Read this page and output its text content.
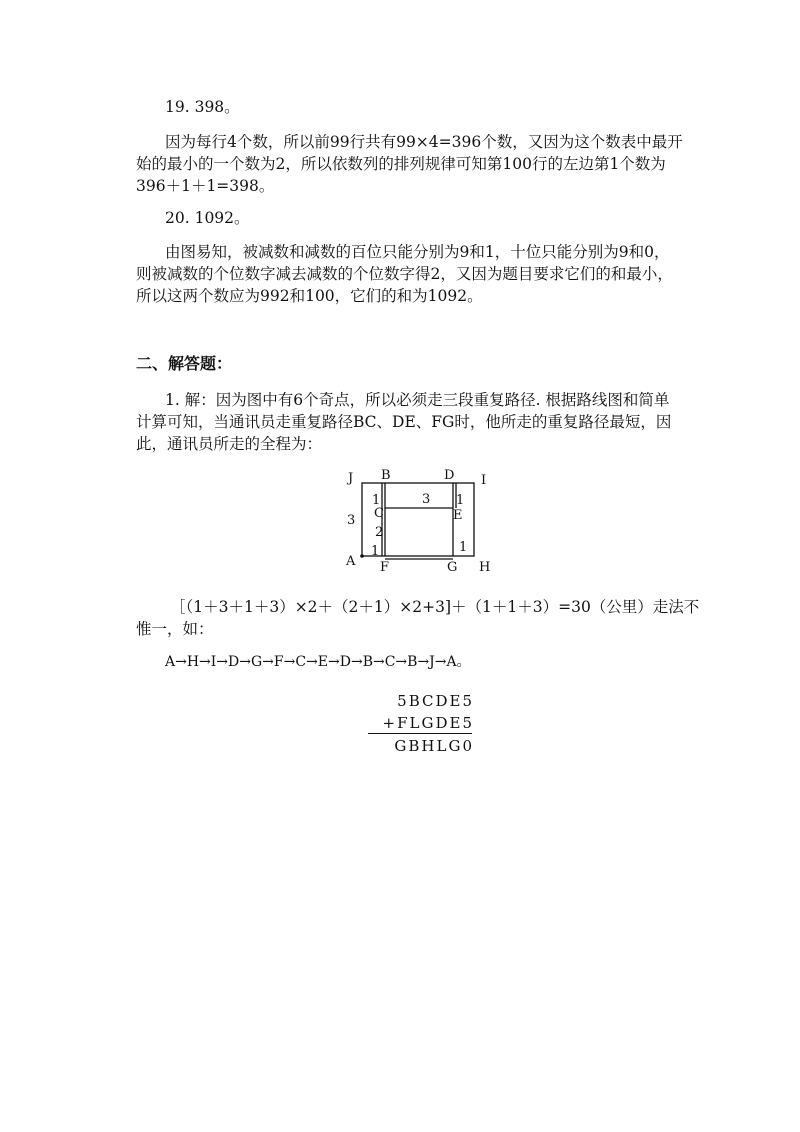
19. 398。
因为每行4个数，所以前99行共有99×4=396个数，又因为这个数表中最开
始的最小的一个数为2，所以依数列的排列规律可知第100行的左边第1个数为
396＋1＋1=398。
20. 1092。
由图易知，被减数和减数的百位只能分别为9和1，十位只能分别为9和0，
则被减数的个位数字减去减数的个位数字得2，又因为题目要求它们的和最小，
所以这两个数应为992和100，它们的和为1092。
二、解答题：
1. 解：因为图中有6个奇点，所以必须走三段重复路径. 根据路线图和简单
计算可知，当通讯员走重复路径BC、DE、FG时，他所走的重复路径最短，因
此，通讯员所走的全程为：
J B	D I
C	E
A F	G H
3
1
2
1
3 1
1
［（1＋3＋1＋3）×2＋（2＋1）×2+3]＋（1＋1＋3）=30（公里）走法不
惟一，如：
A→H→I→D→G→F→C→E→D→B→C→B→J→A。
5BCDE5
+FLGDE5
GBHLG0
